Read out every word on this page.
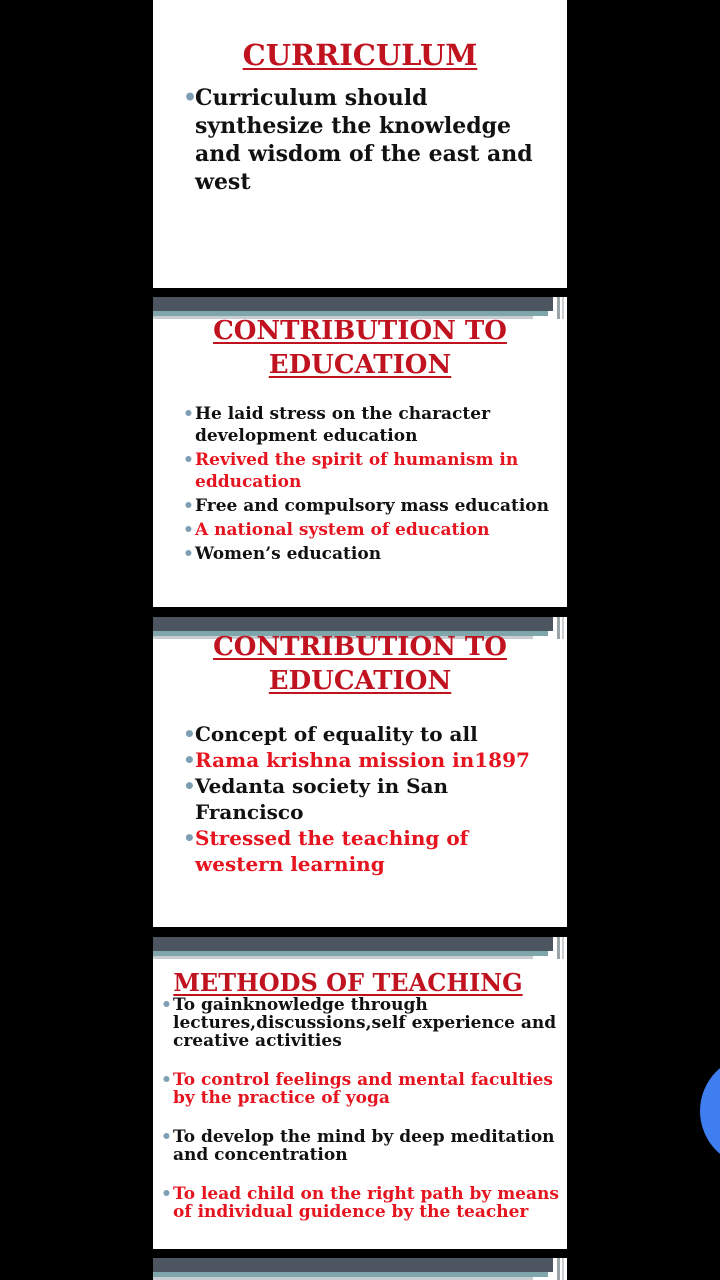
CURRICULUM
• Curriculum should synthesize the knowledge and wisdom of the east and west
CONTRIBUTION TO
EDUCATION
• He laid stress on the character development education
• Revived the spirit of humanism in edducation
• Free and compulsory mass education
• A national system of education
• Women’s education
CONTRIBUTION TO
EDUCATION
• Concept of equality to all
• Rama krishna mission in1897
• Vedanta society in San Francisco
• Stressed the teaching of western learning
METHODS OF TEACHING
• To gainknowledge through lectures,discussions,self experience and creative activities
• To control feelings and mental faculties by the practice of yoga
• To develop the mind by deep meditation and concentration
• To lead child on the right path by means of individual guidence by the teacher
